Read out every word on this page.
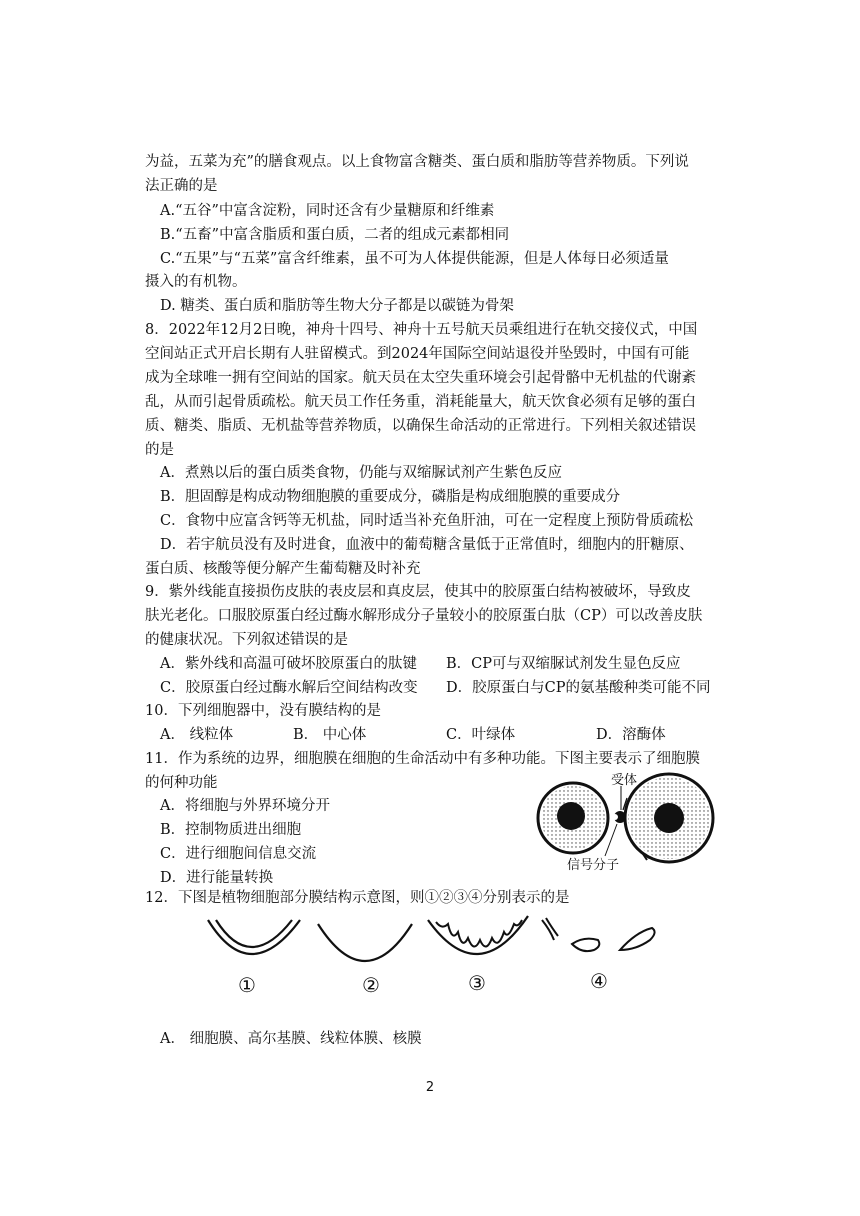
为益，五菜为充”的膳食观点。以上食物富含糖类、蛋白质和脂肪等营养物质。下列说
法正确的是
A.“五谷”中富含淀粉，同时还含有少量糖原和纤维素
B.“五畜”中富含脂质和蛋白质，二者的组成元素都相同
C.“五果”与“五菜”富含纤维素，虽不可为人体提供能源，但是人体每日必须适量
摄入的有机物。
D. 糖类、蛋白质和脂肪等生物大分子都是以碳链为骨架
8．2022年12月2日晚，神舟十四号、神舟十五号航天员乘组进行在轨交接仪式，中国
空间站正式开启长期有人驻留模式。到2024年国际空间站退役并坠毁时，中国有可能
成为全球唯一拥有空间站的国家。航天员在太空失重环境会引起骨骼中无机盐的代谢紊
乱，从而引起骨质疏松。航天员工作任务重，消耗能量大，航天饮食必须有足够的蛋白
质、糖类、脂质、无机盐等营养物质，以确保生命活动的正常进行。下列相关叙述错误
的是
A．煮熟以后的蛋白质类食物，仍能与双缩脲试剂产生紫色反应
B．胆固醇是构成动物细胞膜的重要成分，磷脂是构成细胞膜的重要成分
C．食物中应富含钙等无机盐，同时适当补充鱼肝油，可在一定程度上预防骨质疏松
D．若宇航员没有及时进食，血液中的葡萄糖含量低于正常值时，细胞内的肝糖原、
蛋白质、核酸等便分解产生葡萄糖及时补充
9．紫外线能直接损伤皮肤的表皮层和真皮层，使其中的胶原蛋白结构被破坏，导致皮
肤光老化。口服胶原蛋白经过酶水解形成分子量较小的胶原蛋白肽（CP）可以改善皮肤
的健康状况。下列叙述错误的是
A．紫外线和高温可破坏胶原蛋白的肽键 B．CP可与双缩脲试剂发生显色反应
C．胶原蛋白经过酶水解后空间结构改变 D．胶原蛋白与CP的氨基酸种类可能不同
10．下列细胞器中，没有膜结构的是
A． 线粒体	B． 中心体	C．叶绿体	D．溶酶体
11．作为系统的边界，细胞膜在细胞的生命活动中有多种功能。下图主要表示了细胞膜
的何种功能
A．将细胞与外界环境分开
B．控制物质进出细胞
C．进行细胞间信息交流
D．进行能量转换
受体
信号分子
12．下图是植物细胞部分膜结构示意图，则①②③④分别表示的是
①	②	③	④
A． 细胞膜、高尔基膜、线粒体膜、核膜
2
